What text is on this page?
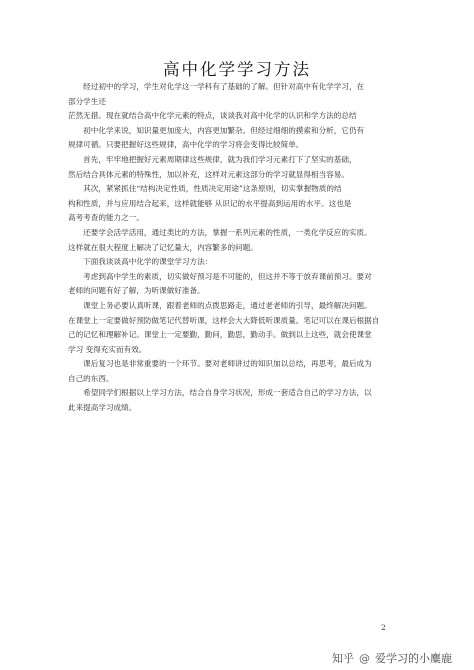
高中化学学习方法

　　经过初中的学习，学生对化学这一学科有了基础的了解。但针对高中有化学学习，在

部分学生还

茫然无措。现在就结合高中化学元素的特点，谈谈我对高中化学的认识和学方法的总结

　　初中化学来说，知识量更加庞大，内容更加繁杂。但经过细细的摸索和分析，它仍有

规律可循。只要把握好这些规律，高中化学的学习将会变得比较简单。

　　首先，牢牢地把握好元素周期律这些规律，就为我们学习元素打下了坚实的基础，

然后结合具体元素的特殊性，加以补充，这样对元素这部分的学习就显得相当容易。

　　其次，紧紧抓住“结构决定性质，性质决定用途”这条原则，切实掌握物质的结

构和性质，并与应用结合起来，这样就能够 从识记的水平提高到运用的水平。这也是

高考考查的能力之一。

　　还要学会活学活用，通过类比的方法，掌握一系列元素的性质，一类化学反应的实质。

这样就在很大程度上解决了记忆量大，内容繁多的问题。

　　下面我谈谈高中化学的课堂学习方法：

　　考虑到高中学生的素质，切实做好预习是不可能的，但这并不等于放弃课前预习。要对

老师的问题有好了解，为听课做好准备。

　　课堂上务必要认真听课，跟着老师的点拨思路走，通过老老师的引导，最终解决问题。

在课堂上一定要做好预防做笔记代替听课，这样会大大降低听课质量。笔记可以在课后根据自

己的记忆和理解补记。课堂上一定要勤，勤问，勤思，勤动手。做到以上这些，就会使课堂

学习 变得充实而有效。

　　课后复习也是非常重要的一个环节。要对老师讲过的知识加以总结，再思考，最后成为

自己的东西。

　　希望同学们根据以上学习方法，结合自身学习状况，形成一套适合自己的学习方法，以

此来提高学习成绩。

2
知乎 @ 爱学习的小麋鹿
